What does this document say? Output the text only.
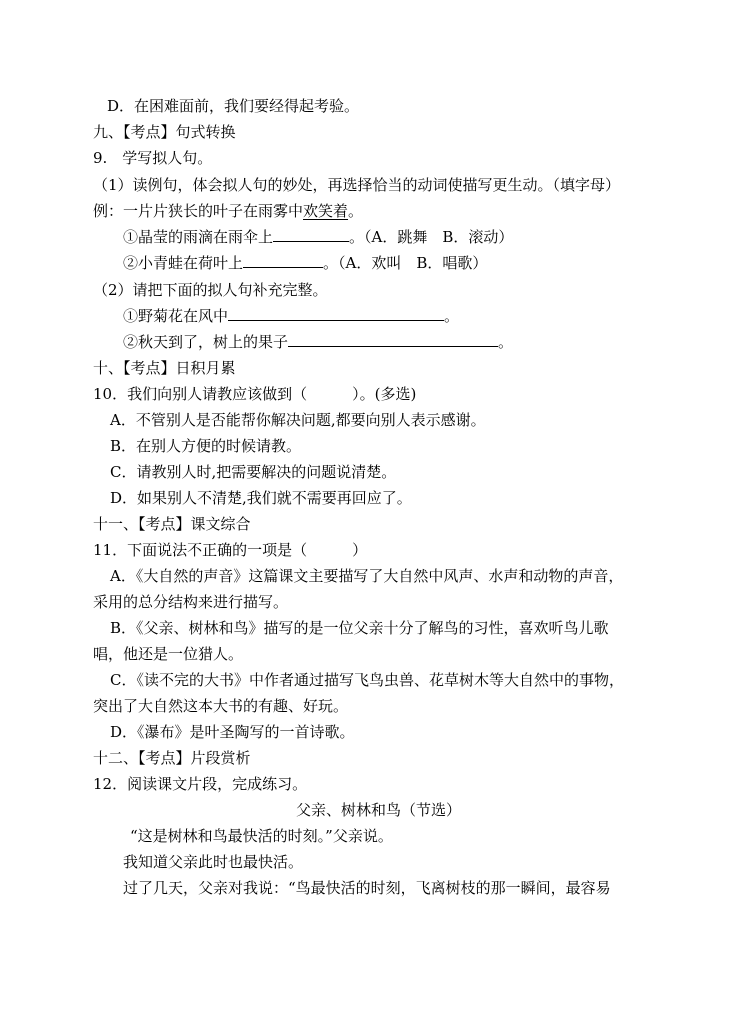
D．在困难面前，我们要经得起考验。
九、【考点】句式转换
9.　学写拟人句。
（1）读例句，体会拟人句的妙处，再选择恰当的动词使描写更生动。（填字母）
例：一片片狭长的叶子在雨雾中欢笑着。
①晶莹的雨滴在雨伞上	。（A．跳舞　B．滚动）
②小青蛙在荷叶上	。（A．欢叫　B．唱歌）
（2）请把下面的拟人句补充完整。
①野菊花在风中	。
②秋天到了，树上的果子	。
十、【考点】日积月累
10．我们向别人请教应该做到（　　　）。(多选)
A．不管别人是否能帮你解决问题,都要向别人表示感谢。
B．在别人方便的时候请教。
C．请教别人时,把需要解决的问题说清楚。
D．如果别人不清楚,我们就不需要再回应了。
十一、【考点】课文综合
11．下面说法不正确的一项是（　　　）
A．《大自然的声音》这篇课文主要描写了大自然中风声、水声和动物的声音，
采用的总分结构来进行描写。
B．《父亲、树林和鸟》描写的是一位父亲十分了解鸟的习性，喜欢听鸟儿歌
唱，他还是一位猎人。
C．《读不完的大书》中作者通过描写飞鸟虫兽、花草树木等大自然中的事物，
突出了大自然这本大书的有趣、好玩。
D．《瀑布》是叶圣陶写的一首诗歌。
十二、【考点】片段赏析
12．阅读课文片段，完成练习。
父亲、树林和鸟（节选）
“这是树林和鸟最快活的时刻。”父亲说。
我知道父亲此时也最快活。
过了几天，父亲对我说：“鸟最快活的时刻，飞离树枝的那一瞬间，最容易
